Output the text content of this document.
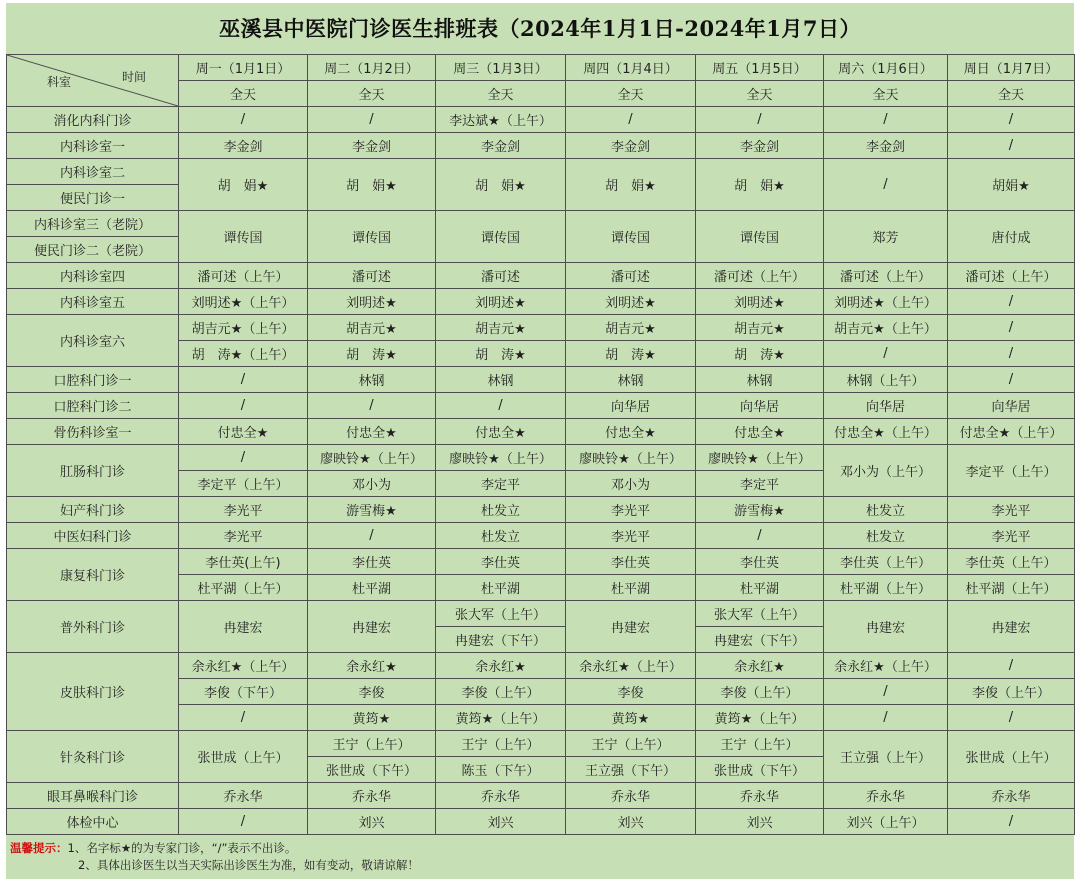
巫溪县中医院门诊医生排班表（2024年1月1日-2024年1月7日）
时间
科室	周一（1月1日）	周二（1月2日）	周三（1月3日）	周四（1月4日）	周五（1月5日）	周六（1月6日）	周日（1月7日）
	全天	全天	全天	全天	全天	全天	全天
消化内科门诊	/	/	李达斌★（上午）	/	/	/	/
内科诊室一	李金剑	李金剑	李金剑	李金剑	李金剑	李金剑	/
内科诊室二	胡　娟★	胡　娟★	胡　娟★	胡　娟★	胡　娟★	/	胡娟★
便民门诊一							
内科诊室三（老院）	谭传国	谭传国	谭传国	谭传国	谭传国	郑芳	唐付成
便民门诊二（老院）							
内科诊室四	潘可述（上午）	潘可述	潘可述	潘可述	潘可述（上午）	潘可述（上午）	潘可述（上午）
内科诊室五	刘明述★（上午）	刘明述★	刘明述★	刘明述★	刘明述★	刘明述★（上午）	/
内科诊室六	胡吉元★（上午）	胡吉元★	胡吉元★	胡吉元★	胡吉元★	胡吉元★（上午）	/
	胡　涛★（上午）	胡　涛★	胡　涛★	胡　涛★	胡　涛★	/	/
口腔科门诊一	/	林钢	林钢	林钢	林钢	林钢（上午）	/
口腔科门诊二	/	/	/	向华居	向华居	向华居	向华居
骨伤科诊室一	付忠全★	付忠全★	付忠全★	付忠全★	付忠全★	付忠全★（上午）	付忠全★（上午）
肛肠科门诊	/	廖映铃★（上午）	廖映铃★（上午）	廖映铃★（上午）	廖映铃★（上午）	邓小为（上午）	李定平（上午）
	李定平（上午）	邓小为	李定平	邓小为	李定平		
妇产科门诊	李光平	游雪梅★	杜发立	李光平	游雪梅★	杜发立	李光平
中医妇科门诊	李光平	/	杜发立	李光平	/	杜发立	李光平
康复科门诊	李仕英(上午)	李仕英	李仕英	李仕英	李仕英	李仕英（上午）	李仕英（上午）
	杜平湖（上午）	杜平湖	杜平湖	杜平湖	杜平湖	杜平湖（上午）	杜平湖（上午）
普外科门诊	冉建宏	冉建宏	张大军（上午）	冉建宏	张大军（上午）	冉建宏	冉建宏
			冉建宏（下午）		冉建宏（下午）		
皮肤科门诊	余永红★（上午）	余永红★	余永红★	余永红★（上午）	余永红★	余永红★（上午）	/
	李俊（下午）	李俊	李俊（上午）	李俊	李俊（上午）	/	李俊（上午）
	/	黄筠★	黄筠★（上午）	黄筠★	黄筠★（上午）	/	/
针灸科门诊	张世成（上午）	王宁（上午）	王宁（上午）	王宁（上午）	王宁（上午）	王立强（上午）	张世成（上午）
		张世成（下午）	陈玉（下午）	王立强（下午）	张世成（下午）		
眼耳鼻喉科门诊	乔永华	乔永华	乔永华	乔永华	乔永华	乔永华	乔永华
体检中心	/	刘兴	刘兴	刘兴	刘兴	刘兴（上午）	/
温馨提示：1、名字标★的为专家门诊，“/”表示不出诊。
2、具体出诊医生以当天实际出诊医生为准，如有变动，敬请谅解！
